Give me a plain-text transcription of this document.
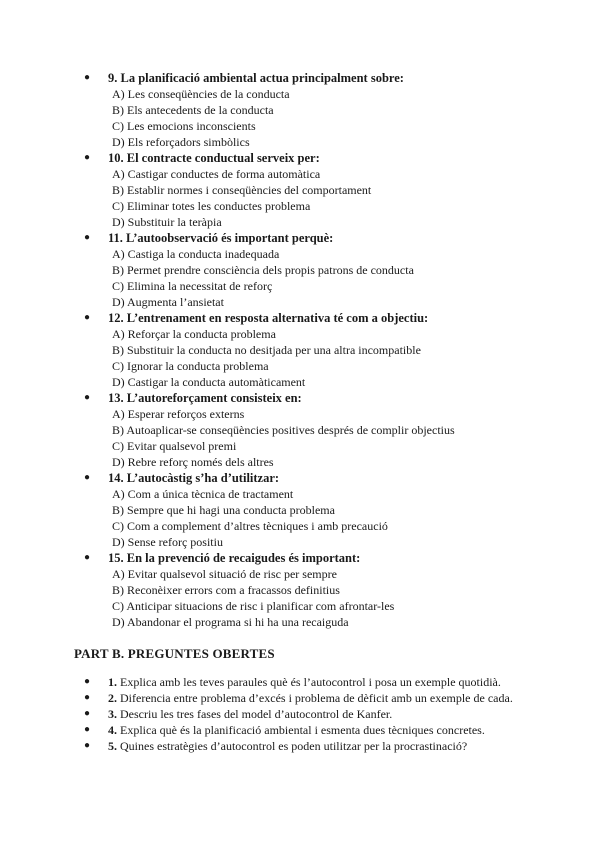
● 9. La planificació ambiental actua principalment sobre:
A) Les conseqüències de la conducta
B) Els antecedents de la conducta
C) Les emocions inconscients
D) Els reforçadors simbòlics
● 10. El contracte conductual serveix per:
A) Castigar conductes de forma automàtica
B) Establir normes i conseqüències del comportament
C) Eliminar totes les conductes problema
D) Substituir la teràpia
● 11. L’autoobservació és important perquè:
A) Castiga la conducta inadequada
B) Permet prendre consciència dels propis patrons de conducta
C) Elimina la necessitat de reforç
D) Augmenta l’ansietat
● 12. L’entrenament en resposta alternativa té com a objectiu:
A) Reforçar la conducta problema
B) Substituir la conducta no desitjada per una altra incompatible
C) Ignorar la conducta problema
D) Castigar la conducta automàticament
● 13. L’autoreforçament consisteix en:
A) Esperar reforços externs
B) Autoaplicar-se conseqüències positives després de complir objectius
C) Evitar qualsevol premi
D) Rebre reforç només dels altres
● 14. L’autocàstig s’ha d’utilitzar:
A) Com a única tècnica de tractament
B) Sempre que hi hagi una conducta problema
C) Com a complement d’altres tècniques i amb precaució
D) Sense reforç positiu
● 15. En la prevenció de recaigudes és important:
A) Evitar qualsevol situació de risc per sempre
B) Reconèixer errors com a fracassos definitius
C) Anticipar situacions de risc i planificar com afrontar-les
D) Abandonar el programa si hi ha una recaiguda
PART B. PREGUNTES OBERTES
● 1. Explica amb les teves paraules què és l’autocontrol i posa un exemple quotidià.
● 2. Diferencia entre problema d’excés i problema de dèficit amb un exemple de cada.
● 3. Descriu les tres fases del model d’autocontrol de Kanfer.
● 4. Explica què és la planificació ambiental i esmenta dues tècniques concretes.
● 5. Quines estratègies d’autocontrol es poden utilitzar per la procrastinació?
